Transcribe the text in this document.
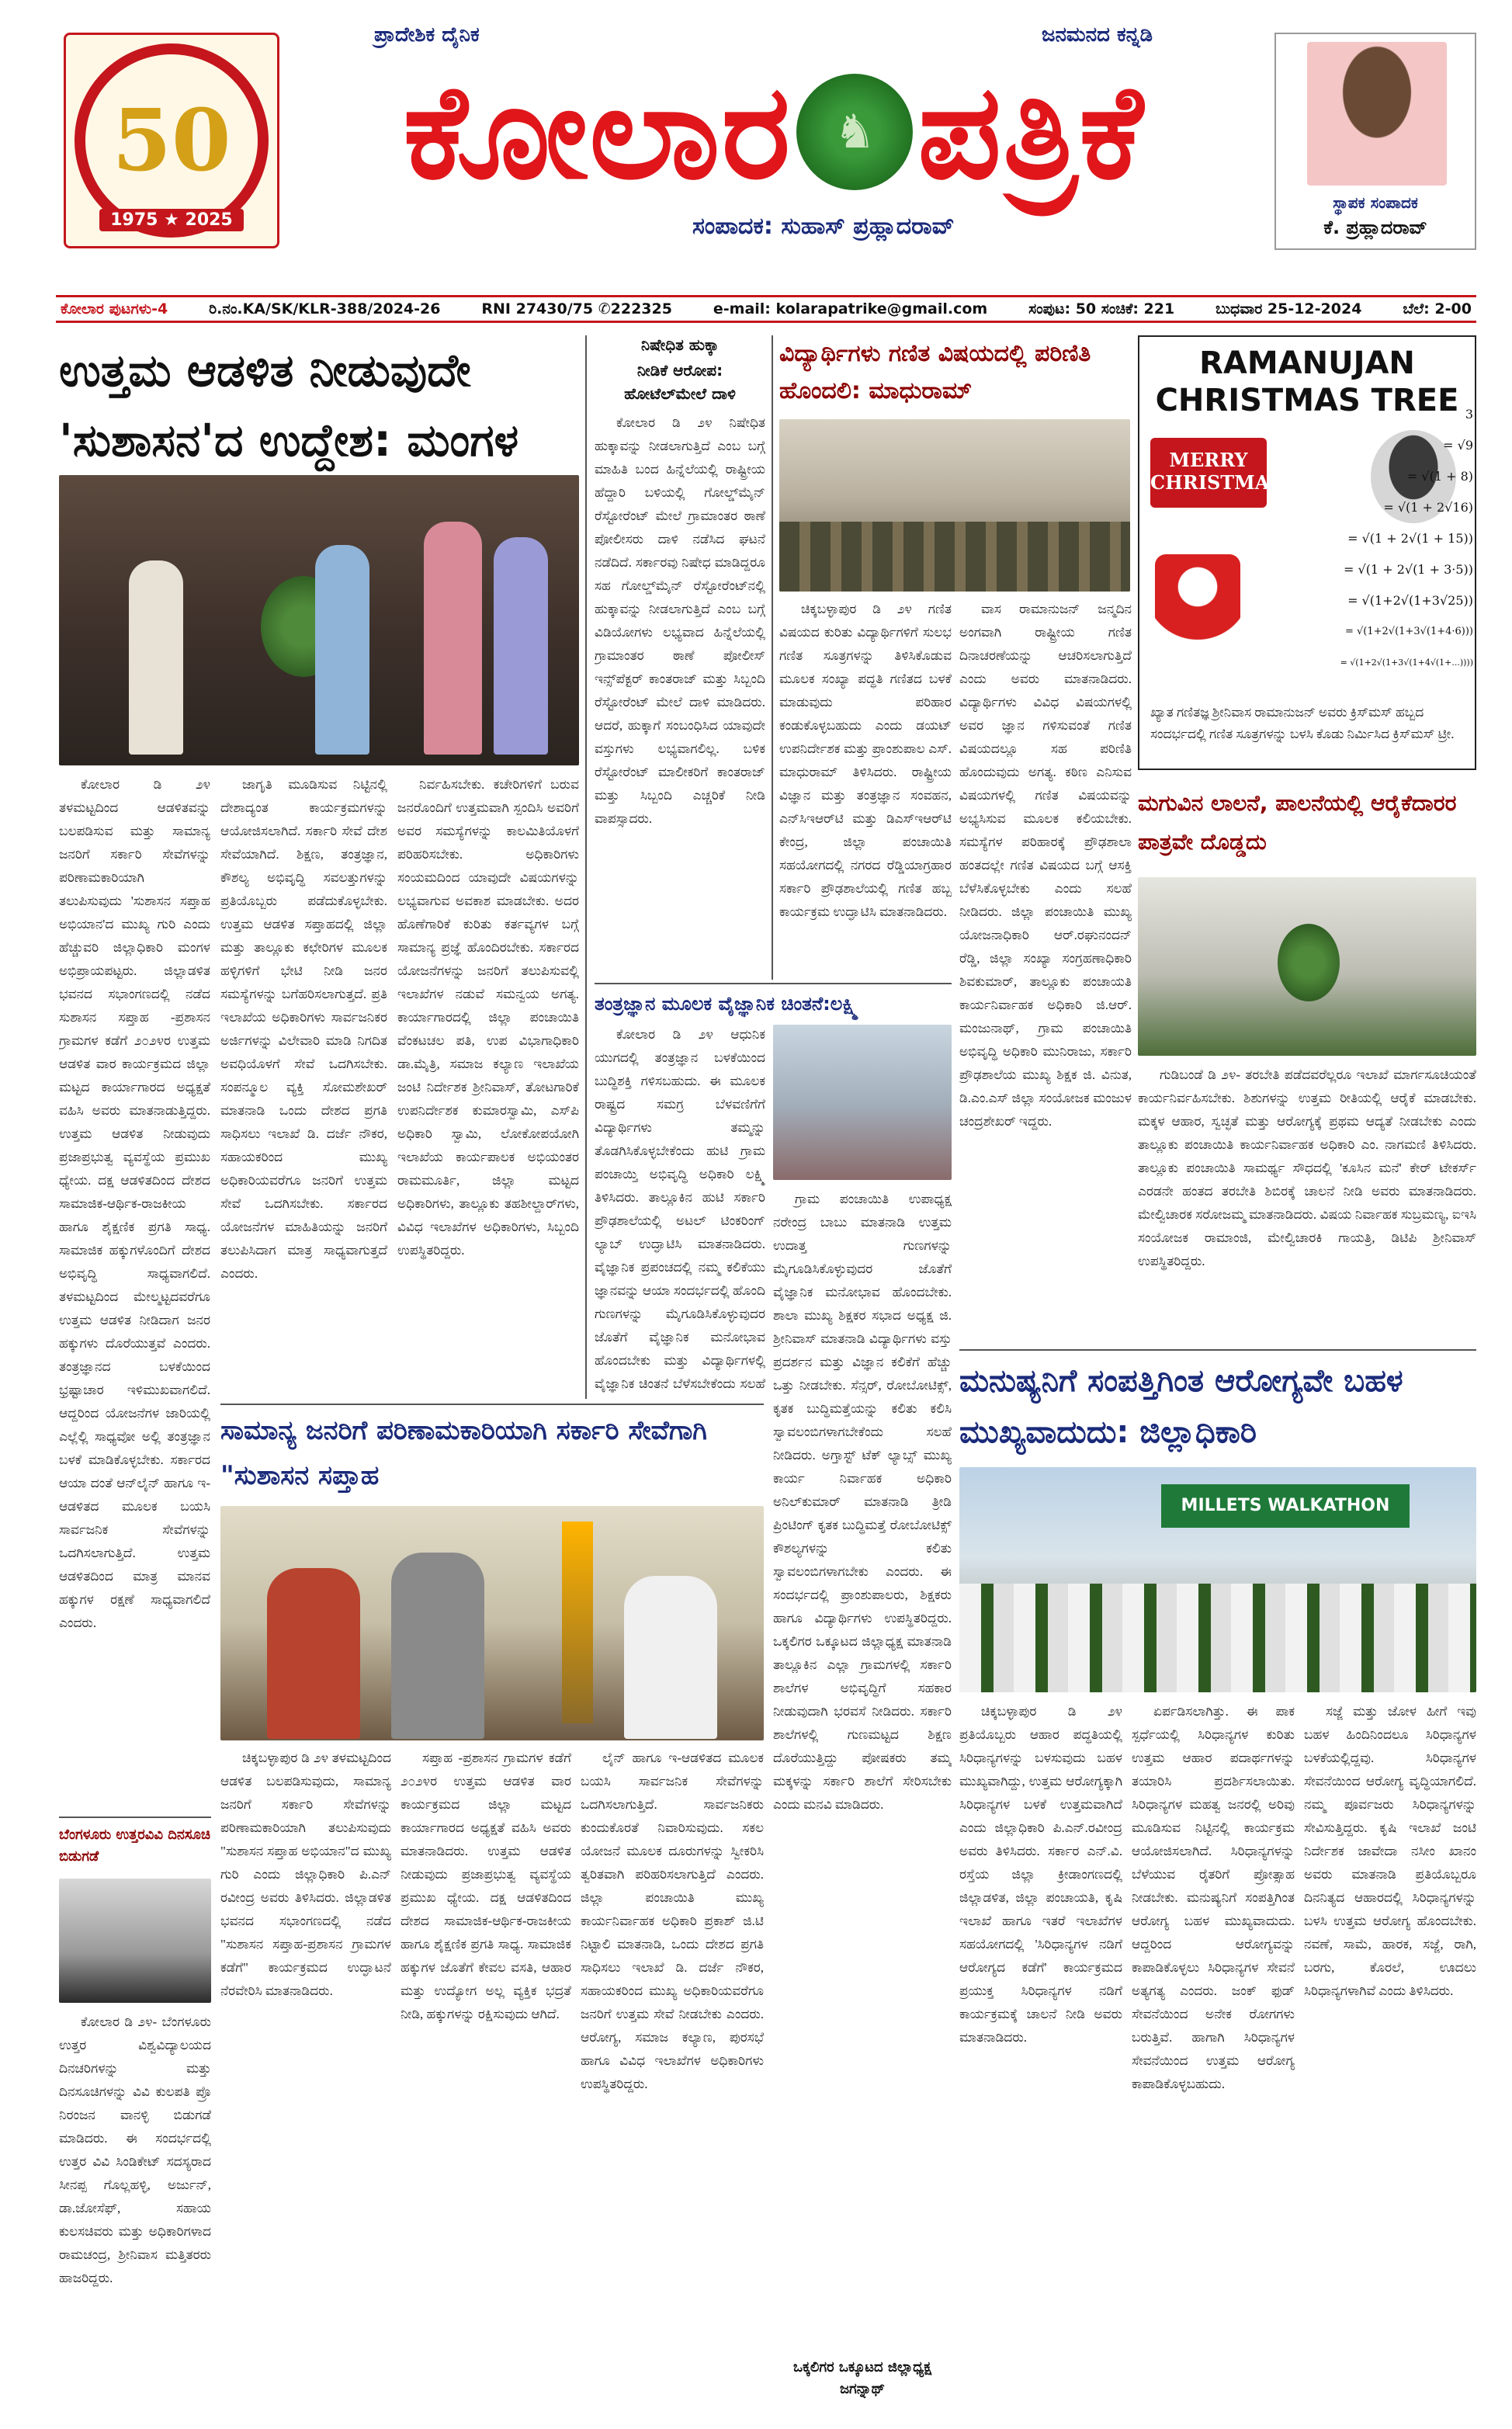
50
1975 ★ 2025
ಪ್ರಾದೇಶಿಕ ದೈನಿಕ	ಜನಮನದ ಕನ್ನಡಿ
ಕೋಲಾರ ♞ ಪತ್ರಿಕೆ
ಸಂಪಾದಕ: ಸುಹಾಸ್ ಪ್ರಹ್ಲಾದರಾವ್
ಸ್ಥಾಪಕ ಸಂಪಾದಕ
ಕೆ. ಪ್ರಹ್ಲಾದರಾವ್
ಕೋಲಾರ ಪುಟಗಳು-4	ರಿ.ನಂ.KA/SK/KLR-388/2024-26	RNI 27430/75 ✆222325	e-mail: kolarapatrike@gmail.com	ಸಂಪುಟ: 50 ಸಂಚಿಕೆ: 221	ಬುಧವಾರ 25-12-2024	ಬೆಲೆ: 2-00
ಉತ್ತಮ ಆಡಳಿತ ನೀಡುವುದೇ 'ಸುಶಾಸನ'ದ ಉದ್ದೇಶ: ಮಂಗಳ

ಕೋಲಾರ ಡಿ ೨೪ ತಳಮಟ್ಟದಿಂದ ಆಡಳಿತವನ್ನು ಬಲಪಡಿಸುವ ಮತ್ತು ಸಾಮಾನ್ಯ ಜನರಿಗೆ ಸರ್ಕಾರಿ ಸೇವೆಗಳನ್ನು ಪರಿಣಾಮಕಾರಿಯಾಗಿ ತಲುಪಿಸುವುದು 'ಸುಶಾಸನ ಸಪ್ತಾಹ ಅಭಿಯಾನ'ದ ಮುಖ್ಯ ಗುರಿ ಎಂದು ಹೆಚ್ಚುವರಿ ಜಿಲ್ಲಾಧಿಕಾರಿ ಮಂಗಳ ಅಭಿಪ್ರಾಯಪಟ್ಟರು. ಜಿಲ್ಲಾಡಳಿತ ಭವನದ ಸಭಾಂಗಣದಲ್ಲಿ ನಡೆದ ಸುಶಾಸನ ಸಪ್ತಾಹ -ಪ್ರಶಾಸನ ಗ್ರಾಮಗಳ ಕಡೆಗೆ ೨೦೨೪ರ ಉತ್ತಮ ಆಡಳಿತ ವಾರ ಕಾರ್ಯಕ್ರಮದ ಜಿಲ್ಲಾ ಮಟ್ಟದ ಕಾರ್ಯಾಗಾರದ ಅಧ್ಯಕ್ಷತೆ ವಹಿಸಿ ಅವರು ಮಾತನಾಡುತ್ತಿದ್ದರು. ಉತ್ತಮ ಆಡಳಿತ ನೀಡುವುದು ಪ್ರಜಾಪ್ರಭುತ್ವ ವ್ಯವಸ್ಥೆಯ ಪ್ರಮುಖ ಧ್ಯೇಯ. ದಕ್ಷ ಆಡಳಿತದಿಂದ ದೇಶದ ಸಾಮಾಜಿಕ-ಆರ್ಥಿಕ-ರಾಜಕೀಯ ಹಾಗೂ ಶೈಕ್ಷಣಿಕ ಪ್ರಗತಿ ಸಾಧ್ಯ. ಸಾಮಾಜಿಕ ಹಕ್ಕುಗಳೊಂದಿಗೆ ದೇಶದ ಅಭಿವೃದ್ಧಿ ಸಾಧ್ಯವಾಗಲಿದೆ. ತಳಮಟ್ಟದಿಂದ ಮೇಲ್ಮಟ್ಟದವರೆಗೂ ಉತ್ತಮ ಆಡಳಿತ ನೀಡಿದಾಗ ಜನರ ಹಕ್ಕುಗಳು ದೊರೆಯುತ್ತವೆ ಎಂದರು. ತಂತ್ರಜ್ಞಾನದ ಬಳಕೆಯಿಂದ ಭ್ರಷ್ಟಾಚಾರ ಇಳಿಮುಖವಾಗಲಿದೆ. ಆದ್ದರಿಂದ ಯೋಜನೆಗಳ ಜಾರಿಯಲ್ಲಿ ಎಲ್ಲೆಲ್ಲಿ ಸಾಧ್ಯವೋ ಅಲ್ಲಿ ತಂತ್ರಜ್ಞಾನ ಬಳಕೆ ಮಾಡಿಕೊಳ್ಳಬೇಕು. ಸರ್ಕಾರದ ಆಯಾ ದಂತೆ ಆನ್‌ಲೈನ್ ಹಾಗೂ ಇ-ಆಡಳಿತದ ಮೂಲಕ ಬಯಸಿ ಸಾರ್ವಜನಿಕ ಸೇವೆಗಳನ್ನು ಒದಗಿಸಲಾಗುತ್ತಿದೆ. ಉತ್ತಮ ಆಡಳಿತದಿಂದ ಮಾತ್ರ ಮಾನವ ಹಕ್ಕುಗಳ ರಕ್ಷಣೆ ಸಾಧ್ಯವಾಗಲಿದೆ ಎಂದರು.

ಜಾಗೃತಿ ಮೂಡಿಸುವ ನಿಟ್ಟಿನಲ್ಲಿ ದೇಶಾದ್ಯಂತ ಕಾರ್ಯಕ್ರಮಗಳನ್ನು ಆಯೋಜಿಸಲಾಗಿದೆ. ಸರ್ಕಾರಿ ಸೇವೆ ದೇಶ ಸೇವೆಯಾಗಿದೆ. ಶಿಕ್ಷಣ, ತಂತ್ರಜ್ಞಾನ, ಕೌಶಲ್ಯ ಅಭಿವೃದ್ಧಿ ಸವಲತ್ತುಗಳನ್ನು ಪ್ರತಿಯೊಬ್ಬರು ಪಡೆದುಕೊಳ್ಳಬೇಕು. ಉತ್ತಮ ಆಡಳಿತ ಸಪ್ತಾಹದಲ್ಲಿ ಜಿಲ್ಲಾ ಮತ್ತು ತಾಲ್ಲೂಕು ಕಛೇರಿಗಳ ಮೂಲಕ ಹಳ್ಳಿಗಳಿಗೆ ಭೇಟಿ ನೀಡಿ ಜನರ ಸಮಸ್ಯೆಗಳನ್ನು ಬಗೆಹರಿಸಲಾಗುತ್ತದೆ. ಪ್ರತಿ ಇಲಾಖೆಯ ಅಧಿಕಾರಿಗಳು ಸಾರ್ವಜನಿಕರ ಅರ್ಜಿಗಳನ್ನು ವಿಲೇವಾರಿ ಮಾಡಿ ನಿಗದಿತ ಅವಧಿಯೊಳಗೆ ಸೇವೆ ಒದಗಿಸಬೇಕು. ಸಂಪನ್ಮೂಲ ವ್ಯಕ್ತಿ ಸೋಮಶೇಖರ್ ಮಾತನಾಡಿ ಒಂದು ದೇಶದ ಪ್ರಗತಿ ಸಾಧಿಸಲು ಇಲಾಖೆ ಡಿ. ದರ್ಜೆ ನೌಕರ, ಸಹಾಯಕರಿಂದ ಮುಖ್ಯ ಅಧಿಕಾರಿಯವರೆಗೂ ಜನರಿಗೆ ಉತ್ತಮ ಸೇವೆ ಒದಗಿಸಬೇಕು. ಸರ್ಕಾರದ ಯೋಜನೆಗಳ ಮಾಹಿತಿಯನ್ನು ಜನರಿಗೆ ತಲುಪಿಸಿದಾಗ ಮಾತ್ರ ಸಾಧ್ಯವಾಗುತ್ತದೆ ಎಂದರು.

ನಿರ್ವಹಿಸಬೇಕು. ಕಚೇರಿಗಳಿಗೆ ಬರುವ ಜನರೊಂದಿಗೆ ಉತ್ತಮವಾಗಿ ಸ್ಪಂದಿಸಿ ಅವರಿಗೆ ಅವರ ಸಮಸ್ಯೆಗಳನ್ನು ಕಾಲಮಿತಿಯೊಳಗೆ ಪರಿಹರಿಸಬೇಕು. ಅಧಿಕಾರಿಗಳು ಸಂಯಮದಿಂದ ಯಾವುದೇ ವಿಷಯಗಳನ್ನು ಲಭ್ಯವಾಗುವ ಅವಕಾಶ ಮಾಡಬೇಕು. ಅದರ ಹೊಣೆಗಾರಿಕೆ ಕುರಿತು ಕರ್ತವ್ಯಗಳ ಬಗ್ಗೆ ಸಾಮಾನ್ಯ ಪ್ರಜ್ಞೆ ಹೊಂದಿರಬೇಕು. ಸರ್ಕಾರದ ಯೋಜನೆಗಳನ್ನು ಜನರಿಗೆ ತಲುಪಿಸುವಲ್ಲಿ ಇಲಾಖೆಗಳ ನಡುವೆ ಸಮನ್ವಯ ಅಗತ್ಯ. ಕಾರ್ಯಾಗಾರದಲ್ಲಿ ಜಿಲ್ಲಾ ಪಂಚಾಯಿತಿ ವೆಂಕಟಚಲ ಪತಿ, ಉಪ ವಿಭಾಗಾಧಿಕಾರಿ ಡಾ.ಮೈತ್ರಿ, ಸಮಾಜ ಕಲ್ಯಾಣ ಇಲಾಖೆಯ ಜಂಟಿ ನಿರ್ದೇಶಕ ಶ್ರೀನಿವಾಸ್, ತೋಟಗಾರಿಕೆ ಉಪನಿರ್ದೇಶಕ ಕುಮಾರಸ್ವಾಮಿ, ಎಸ್‌ಪಿ ಅಧಿಕಾರಿ ಸ್ವಾಮಿ, ಲೋಕೋಪಯೋಗಿ ಇಲಾಖೆಯ ಕಾರ್ಯಪಾಲಕ ಅಭಿಯಂತರ ರಾಮಮೂರ್ತಿ, ಜಿಲ್ಲಾ ಮಟ್ಟದ ಅಧಿಕಾರಿಗಳು, ತಾಲ್ಲೂಕು ತಹಶೀಲ್ದಾರ್‌ಗಳು, ವಿವಿಧ ಇಲಾಖೆಗಳ ಅಧಿಕಾರಿಗಳು, ಸಿಬ್ಬಂದಿ ಉಪಸ್ಥಿತರಿದ್ದರು.

ನಿಷೇಧಿತ ಹುಕ್ಕಾ
ನೀಡಿಕೆ ಆರೋಪ: ಹೋಟೆಲ್‌ಮೇಲೆ ದಾಳಿ

ಕೋಲಾರ ಡಿ ೨೪ ನಿಷೇಧಿತ ಹುಕ್ಕಾವನ್ನು ನೀಡಲಾಗುತ್ತಿದೆ ಎಂಬ ಬಗ್ಗೆ ಮಾಹಿತಿ ಬಂದ ಹಿನ್ನೆಲೆಯಲ್ಲಿ ರಾಷ್ಟ್ರೀಯ ಹೆದ್ದಾರಿ ಬಳಿಯಲ್ಲಿ ಗೋಲ್ಡ್‌ಮೈನ್ ರೆಸ್ಟೋರೆಂಟ್ ಮೇಲೆ ಗ್ರಾಮಾಂತರ ಠಾಣೆ ಪೋಲೀಸರು ದಾಳಿ ನಡೆಸಿದ ಘಟನೆ ನಡೆದಿದೆ. ಸರ್ಕಾರವು ನಿಷೇಧ ಮಾಡಿದ್ದರೂ ಸಹ ಗೋಲ್ಡ್‌ಮೈನ್ ರೆಸ್ಟೋರೆಂಟ್‌ನಲ್ಲಿ ಹುಕ್ಕಾವನ್ನು ನೀಡಲಾಗುತ್ತಿದೆ ಎಂಬ ಬಗ್ಗೆ ವಿಡಿಯೋಗಳು ಲಭ್ಯವಾದ ಹಿನ್ನೆಲೆಯಲ್ಲಿ ಗ್ರಾಮಾಂತರ ಠಾಣೆ ಪೋಲೀಸ್ ಇನ್ಸ್‌ಪೆಕ್ಟರ್ ಕಾಂತರಾಜ್ ಮತ್ತು ಸಿಬ್ಬಂದಿ ರೆಸ್ಟೋರೆಂಟ್ ಮೇಲೆ ದಾಳಿ ಮಾಡಿದರು. ಆದರೆ, ಹುಕ್ಕಾಗೆ ಸಂಬಂಧಿಸಿದ ಯಾವುದೇ ವಸ್ತುಗಳು ಲಭ್ಯವಾಗಲಿಲ್ಲ. ಬಳಿಕ ರೆಸ್ಟೋರೆಂಟ್ ಮಾಲೀಕರಿಗೆ ಕಾಂತರಾಜ್ ಮತ್ತು ಸಿಬ್ಬಂದಿ ಎಚ್ಚರಿಕೆ ನೀಡಿ ವಾಪಸ್ಸಾದರು.

ವಿದ್ಯಾರ್ಥಿಗಳು ಗಣಿತ ವಿಷಯದಲ್ಲಿ ಪರಿಣಿತಿ ಹೊಂದಲಿ: ಮಾಧುರಾಮ್

ಚಿಕ್ಕಬಳ್ಳಾಪುರ ಡಿ ೨೪ ಗಣಿತ ವಿಷಯದ ಕುರಿತು ವಿದ್ಯಾರ್ಥಿಗಳಿಗೆ ಸುಲಭ ಗಣಿತ ಸೂತ್ರಗಳನ್ನು ತಿಳಿಸಿಕೊಡುವ ಮೂಲಕ ಸಂಖ್ಯಾ ಪದ್ಧತಿ ಗಣಿತದ ಬಳಕೆ ಮಾಡುವುದು ಪರಿಹಾರ ಕಂಡುಕೊಳ್ಳಬಹುದು ಎಂದು ಡಯಟ್ ಉಪನಿರ್ದೇಶಕ ಮತ್ತು ಪ್ರಾಂಶುಪಾಲ ಎಸ್. ಮಾಧುರಾಮ್ ತಿಳಿಸಿದರು. ರಾಷ್ಟ್ರೀಯ ವಿಜ್ಞಾನ ಮತ್ತು ತಂತ್ರಜ್ಞಾನ ಸಂವಹನ, ಎನ್‌ಸಿಇಆರ್‌ಟಿ ಮತ್ತು ಡಿಎಸ್‌ಇಆರ್‌ಟಿ ಕೇಂದ್ರ, ಜಿಲ್ಲಾ ಪಂಚಾಯಿತಿ ಸಹಯೋಗದಲ್ಲಿ ನಗರದ ರೆಡ್ಡಿಯಾಗ್ರಹಾರ ಸರ್ಕಾರಿ ಪ್ರೌಢಶಾಲೆಯಲ್ಲಿ ಗಣಿತ ಹಬ್ಬ ಕಾರ್ಯಕ್ರಮ ಉದ್ಘಾಟಿಸಿ ಮಾತನಾಡಿದರು.

ವಾಸ ರಾಮಾನುಜನ್ ಜನ್ಮದಿನ ಅಂಗವಾಗಿ ರಾಷ್ಟ್ರೀಯ ಗಣಿತ ದಿನಾಚರಣೆಯನ್ನು ಆಚರಿಸಲಾಗುತ್ತಿದೆ ಎಂದು ಅವರು ಮಾತನಾಡಿದರು. ವಿದ್ಯಾರ್ಥಿಗಳು ವಿವಿಧ ವಿಷಯಗಳಲ್ಲಿ ಅವರ ಜ್ಞಾನ ಗಳಿಸುವಂತೆ ಗಣಿತ ವಿಷಯದಲ್ಲೂ ಸಹ ಪರಿಣಿತಿ ಹೊಂದುವುದು ಅಗತ್ಯ. ಕಠಿಣ ಎನಿಸುವ ವಿಷಯಗಳಲ್ಲಿ ಗಣಿತ ವಿಷಯವನ್ನು ಅಭ್ಯಸಿಸುವ ಮೂಲಕ ಕಲಿಯಬೇಕು. ಸಮಸ್ಯೆಗಳ ಪರಿಹಾರಕ್ಕೆ ಪ್ರೌಢಶಾಲಾ ಹಂತದಲ್ಲೇ ಗಣಿತ ವಿಷಯದ ಬಗ್ಗೆ ಆಸಕ್ತಿ ಬೆಳೆಸಿಕೊಳ್ಳಬೇಕು ಎಂದು ಸಲಹೆ ನೀಡಿದರು. ಜಿಲ್ಲಾ ಪಂಚಾಯಿತಿ ಮುಖ್ಯ ಯೋಜನಾಧಿಕಾರಿ ಆರ್.ರಘುನಂದನ್ ರೆಡ್ಡಿ, ಜಿಲ್ಲಾ ಸಂಖ್ಯಾ ಸಂಗ್ರಹಣಾಧಿಕಾರಿ ಶಿವಕುಮಾರ್, ತಾಲ್ಲೂಕು ಪಂಚಾಯತಿ ಕಾರ್ಯನಿರ್ವಾಹಕ ಅಧಿಕಾರಿ ಜಿ.ಆರ್. ಮಂಜುನಾಥ್, ಗ್ರಾಮ ಪಂಚಾಯಿತಿ ಅಭಿವೃದ್ಧಿ ಅಧಿಕಾರಿ ಮುನಿರಾಜು, ಸರ್ಕಾರಿ ಪ್ರೌಢಶಾಲೆಯ ಮುಖ್ಯ ಶಿಕ್ಷಕ ಜಿ. ವಿನುತ, ಡಿ.ಎಂ.ಎಸ್ ಜಿಲ್ಲಾ ಸಂಯೋಜಕ ಮಂಜುಳ ಚಂದ್ರಶೇಖರ್ ಇದ್ದರು.

ತಂತ್ರಜ್ಞಾನ ಮೂಲಕ ವೈಜ್ಞಾನಿಕ ಚಿಂತನೆ:ಲಕ್ಷ್ಮಿ

ಕೋಲಾರ ಡಿ ೨೪ ಆಧುನಿಕ ಯುಗದಲ್ಲಿ ತಂತ್ರಜ್ಞಾನ ಬಳಕೆಯಿಂದ ಬುದ್ಧಿಶಕ್ತಿ ಗಳಿಸಬಹುದು. ಈ ಮೂಲಕ ರಾಷ್ಟ್ರದ ಸಮಗ್ರ ಬೆಳವಣಿಗೆಗೆ ವಿದ್ಯಾರ್ಥಿಗಳು ತಮ್ಮನ್ನು ತೊಡಗಿಸಿಕೊಳ್ಳಬೇಕೆಂದು ಹುಟಿ ಗ್ರಾಮ ಪಂಚಾಯ್ತಿ ಅಭಿವೃದ್ಧಿ ಅಧಿಕಾರಿ ಲಕ್ಷ್ಮಿ ತಿಳಿಸಿದರು. ತಾಲ್ಲೂಕಿನ ಹುಟಿ ಸರ್ಕಾರಿ ಪ್ರೌಢಶಾಲೆಯಲ್ಲಿ ಅಟಲ್ ಟಿಂಕರಿಂಗ್ ಲ್ಯಾಬ್ ಉದ್ಘಾಟಿಸಿ ಮಾತನಾಡಿದರು. ವೈಜ್ಞಾನಿಕ ಪ್ರಪಂಚದಲ್ಲಿ ನಮ್ಮ ಕಲಿಕೆಯು ಜ್ಞಾನವನ್ನು ಆಯಾ ಸಂದರ್ಭದಲ್ಲಿ ಹೊಂದಿ ಗುಣಗಳನ್ನು ಮೈಗೂಡಿಸಿಕೊಳ್ಳುವುದರ ಜೊತೆಗೆ ವೈಜ್ಞಾನಿಕ ಮನೋಭಾವ ಹೊಂದಬೇಕು ಮತ್ತು ವಿದ್ಯಾರ್ಥಿಗಳಲ್ಲಿ ವೈಜ್ಞಾನಿಕ ಚಿಂತನೆ ಬೆಳೆಸಬೇಕೆಂದು ಸಲಹೆ

ಗ್ರಾಮ ಪಂಚಾಯಿತಿ ಉಪಾಧ್ಯಕ್ಷ ನರೇಂದ್ರ ಬಾಬು ಮಾತನಾಡಿ ಉತ್ತಮ ಉದಾತ್ತ ಗುಣಗಳನ್ನು ಮೈಗೂಡಿಸಿಕೊಳ್ಳುವುದರ ಜೊತೆಗೆ ವೈಜ್ಞಾನಿಕ ಮನೋಭಾವ ಹೊಂದಬೇಕು. ಶಾಲಾ ಮುಖ್ಯ ಶಿಕ್ಷಕರ ಸಭಾದ ಅಧ್ಯಕ್ಷ ಜಿ. ಶ್ರೀನಿವಾಸ್ ಮಾತನಾಡಿ ವಿದ್ಯಾರ್ಥಿಗಳು ವಸ್ತು ಪ್ರದರ್ಶನ ಮತ್ತು ವಿಜ್ಞಾನ ಕಲಿಕೆಗೆ ಹೆಚ್ಚು ಒತ್ತು ನೀಡಬೇಕು. ಸೆನ್ಸರ್, ರೋಬೋಟಿಕ್ಸ್, ಕೃತಕ ಬುದ್ಧಿಮತ್ತೆಯನ್ನು ಕಲಿತು ಕಲಿಸಿ ಸ್ವಾವಲಂಬಿಗಳಾಗಬೇಕೆಂದು ಸಲಹೆ ನೀಡಿದರು. ಅಗ್ತಾಸ್ಟ್ ಟೆಕ್ ಲ್ಯಾಬ್ಸ್ ಮುಖ್ಯ ಕಾರ್ಯ ನಿರ್ವಾಹಕ ಅಧಿಕಾರಿ ಅನಿಲ್‌ಕುಮಾರ್ ಮಾತನಾಡಿ ತ್ರೀಡಿ ಪ್ರಿಂಟಿಂಗ್ ಕೃತಕ ಬುದ್ಧಿಮತ್ತೆ ರೋಬೋಟಿಕ್ಸ್ ಕೌಶಲ್ಯಗಳನ್ನು ಕಲಿತು ಸ್ವಾವಲಂಬಿಗಳಾಗಬೇಕು ಎಂದರು. ಈ ಸಂದರ್ಭದಲ್ಲಿ ಪ್ರಾಂಶುಪಾಲರು, ಶಿಕ್ಷಕರು ಹಾಗೂ ವಿದ್ಯಾರ್ಥಿಗಳು ಉಪಸ್ಥಿತರಿದ್ದರು. ಒಕ್ಕಲಿಗರ ಒಕ್ಕೂಟದ ಜಿಲ್ಲಾಧ್ಯಕ್ಷ ಮಾತನಾಡಿ ತಾಲ್ಲೂಕಿನ ಎಲ್ಲಾ ಗ್ರಾಮಗಳಲ್ಲಿ ಸರ್ಕಾರಿ ಶಾಲೆಗಳ ಅಭಿವೃದ್ಧಿಗೆ ಸಹಕಾರ ನೀಡುವುದಾಗಿ ಭರವಸೆ ನೀಡಿದರು. ಸರ್ಕಾರಿ ಶಾಲೆಗಳಲ್ಲಿ ಗುಣಮಟ್ಟದ ಶಿಕ್ಷಣ ದೊರೆಯುತ್ತಿದ್ದು ಪೋಷಕರು ತಮ್ಮ ಮಕ್ಕಳನ್ನು ಸರ್ಕಾರಿ ಶಾಲೆಗೆ ಸೇರಿಸಬೇಕು ಎಂದು ಮನವಿ ಮಾಡಿದರು.

ಒಕ್ಕಲಿಗರ ಒಕ್ಕೂಟದ ಜಿಲ್ಲಾಧ್ಯಕ್ಷ ಜಗನ್ನಾಥ್
RAMANUJAN CHRISTMAS TREE
MERRY CHRISTMAS
3
= √9
= √(1 + 8)
= √(1 + 2√16)
= √(1 + 2√(1 + 15))
= √(1 + 2√(1 + 3·5))
= √(1+2√(1+3√25))
= √(1+2√(1+3√(1+4·6)))
= √(1+2√(1+3√(1+4√(1+...))))
ಖ್ಯಾತ ಗಣಿತಜ್ಞ ಶ್ರೀನಿವಾಸ ರಾಮಾನುಜನ್ ಅವರು ಕ್ರಿಸ್‌ಮಸ್ ಹಬ್ಬದ ಸಂದರ್ಭದಲ್ಲಿ ಗಣಿತ ಸೂತ್ರಗಳನ್ನು ಬಳಸಿ ಕೊಡು ನಿರ್ಮಿಸಿದ ಕ್ರಿಸ್‌ಮಸ್ ಟ್ರೀ.
ಮಗುವಿನ ಲಾಲನೆ, ಪಾಲನೆಯಲ್ಲಿ ಆರೈಕೆದಾರರ ಪಾತ್ರವೇ ದೊಡ್ಡದು

ಗುಡಿಬಂಡೆ ಡಿ ೨೪- ತರಬೇತಿ ಪಡೆದವರೆಲ್ಲರೂ ಇಲಾಖೆ ಮಾರ್ಗಸೂಚಿಯಂತೆ ಕಾರ್ಯನಿರ್ವಹಿಸಬೇಕು. ಶಿಶುಗಳನ್ನು ಉತ್ತಮ ರೀತಿಯಲ್ಲಿ ಆರೈಕೆ ಮಾಡಬೇಕು. ಮಕ್ಕಳ ಆಹಾರ, ಸ್ವಚ್ಛತೆ ಮತ್ತು ಆರೋಗ್ಯಕ್ಕೆ ಪ್ರಥಮ ಆದ್ಯತೆ ನೀಡಬೇಕು ಎಂದು ತಾಲ್ಲೂಕು ಪಂಚಾಯಿತಿ ಕಾರ್ಯನಿರ್ವಾಹಕ ಅಧಿಕಾರಿ ಎಂ. ನಾಗಮಣಿ ತಿಳಿಸಿದರು. ತಾಲ್ಲೂಕು ಪಂಚಾಯಿತಿ ಸಾಮರ್ಥ್ಯ ಸೌಧದಲ್ಲಿ 'ಕೂಸಿನ ಮನೆ' ಕೇರ್ ಟೇಕರ್ಸ್ ಎರಡನೇ ಹಂತದ ತರಬೇತಿ ಶಿಬಿರಕ್ಕೆ ಚಾಲನೆ ನೀಡಿ ಅವರು ಮಾತನಾಡಿದರು. ಮೇಲ್ವಿಚಾರಕ ಸರೋಜಮ್ಮ ಮಾತನಾಡಿದರು. ವಿಷಯ ನಿರ್ವಾಹಕ ಸುಬ್ರಮಣ್ಯ, ಐಇಸಿ ಸಂಯೋಜಕ ರಾಮಾಂಜಿ, ಮೇಲ್ವಿಚಾರಕಿ ಗಾಯತ್ರಿ, ಡಿಟಿಪಿ ಶ್ರೀನಿವಾಸ್ ಉಪಸ್ಥಿತರಿದ್ದರು.

ಮನುಷ್ಯನಿಗೆ ಸಂಪತ್ತಿಗಿಂತ ಆರೋಗ್ಯವೇ ಬಹಳ ಮುಖ್ಯವಾದುದು: ಜಿಲ್ಲಾಧಿಕಾರಿ
MILLETS WALKATHON

ಚಿಕ್ಕಬಳ್ಳಾಪುರ ಡಿ ೨೪ ಪ್ರತಿಯೊಬ್ಬರು ಆಹಾರ ಪದ್ಧತಿಯಲ್ಲಿ ಸಿರಿಧಾನ್ಯಗಳನ್ನು ಬಳಸುವುದು ಬಹಳ ಮುಖ್ಯವಾಗಿದ್ದು, ಉತ್ತಮ ಆರೋಗ್ಯಕ್ಕಾಗಿ ಸಿರಿಧಾನ್ಯಗಳ ಬಳಕೆ ಉತ್ತಮವಾಗಿದೆ ಎಂದು ಜಿಲ್ಲಾಧಿಕಾರಿ ಪಿ.ಎನ್.ರವೀಂದ್ರ ಅವರು ತಿಳಿಸಿದರು. ಸರ್ಕಾರ ಎನ್.ವಿ. ರಸ್ತೆಯ ಜಿಲ್ಲಾ ಕ್ರೀಡಾಂಗಣದಲ್ಲಿ ಜಿಲ್ಲಾಡಳಿತ, ಜಿಲ್ಲಾ ಪಂಚಾಯತಿ, ಕೃಷಿ ಇಲಾಖೆ ಹಾಗೂ ಇತರೆ ಇಲಾಖೆಗಳ ಸಹಯೋಗದಲ್ಲಿ 'ಸಿರಿಧಾನ್ಯಗಳ ನಡಿಗೆ ಆರೋಗ್ಯದ ಕಡೆಗೆ' ಕಾರ್ಯಕ್ರಮದ ಪ್ರಯುಕ್ತ ಸಿರಿಧಾನ್ಯಗಳ ನಡಿಗೆ ಕಾರ್ಯಕ್ರಮಕ್ಕೆ ಚಾಲನೆ ನೀಡಿ ಅವರು ಮಾತನಾಡಿದರು.

ಏರ್ಪಡಿಸಲಾಗಿತ್ತು. ಈ ಪಾಕ ಸ್ಪರ್ಧೆಯಲ್ಲಿ ಸಿರಿಧಾನ್ಯಗಳ ಕುರಿತು ಉತ್ತಮ ಆಹಾರ ಪದಾರ್ಥಗಳನ್ನು ತಯಾರಿಸಿ ಪ್ರದರ್ಶಿಸಲಾಯಿತು. ಸಿರಿಧಾನ್ಯಗಳ ಮಹತ್ವ ಜನರಲ್ಲಿ ಅರಿವು ಮೂಡಿಸುವ ನಿಟ್ಟಿನಲ್ಲಿ ಕಾರ್ಯಕ್ರಮ ಆಯೋಜಿಸಲಾಗಿದೆ. ಸಿರಿಧಾನ್ಯಗಳನ್ನು ಬೆಳೆಯುವ ರೈತರಿಗೆ ಪ್ರೋತ್ಸಾಹ ನೀಡಬೇಕು. ಮನುಷ್ಯನಿಗೆ ಸಂಪತ್ತಿಗಿಂತ ಆರೋಗ್ಯ ಬಹಳ ಮುಖ್ಯವಾದುದು. ಆದ್ದರಿಂದ ಆರೋಗ್ಯವನ್ನು ಕಾಪಾಡಿಕೊಳ್ಳಲು ಸಿರಿಧಾನ್ಯಗಳ ಸೇವನೆ ಅತ್ಯಗತ್ಯ ಎಂದರು. ಜಂಕ್ ಫುಡ್ ಸೇವನೆಯಿಂದ ಅನೇಕ ರೋಗಗಳು ಬರುತ್ತಿವೆ. ಹಾಗಾಗಿ ಸಿರಿಧಾನ್ಯಗಳ ಸೇವನೆಯಿಂದ ಉತ್ತಮ ಆರೋಗ್ಯ ಕಾಪಾಡಿಕೊಳ್ಳಬಹುದು.

ಸಜ್ಜೆ ಮತ್ತು ಜೋಳ ಹೀಗೆ ಇವು ಬಹಳ ಹಿಂದಿನಿಂದಲೂ ಸಿರಿಧಾನ್ಯಗಳ ಬಳಕೆಯಲ್ಲಿದ್ದವು. ಸಿರಿಧಾನ್ಯಗಳ ಸೇವನೆಯಿಂದ ಆರೋಗ್ಯ ವೃದ್ಧಿಯಾಗಲಿದೆ. ನಮ್ಮ ಪೂರ್ವಜರು ಸಿರಿಧಾನ್ಯಗಳನ್ನು ಸೇವಿಸುತ್ತಿದ್ದರು. ಕೃಷಿ ಇಲಾಖೆ ಜಂಟಿ ನಿರ್ದೇಶಕ ಜಾವೇದಾ ನಸೀಂ ಖಾನಂ ಅವರು ಮಾತನಾಡಿ ಪ್ರತಿಯೊಬ್ಬರೂ ದಿನನಿತ್ಯದ ಆಹಾರದಲ್ಲಿ ಸಿರಿಧಾನ್ಯಗಳನ್ನು ಬಳಸಿ ಉತ್ತಮ ಆರೋಗ್ಯ ಹೊಂದಬೇಕು. ನವಣೆ, ಸಾಮೆ, ಹಾರಕ, ಸಜ್ಜೆ, ರಾಗಿ, ಬರಗು, ಕೊರಲೆ, ಊದಲು ಸಿರಿಧಾನ್ಯಗಳಾಗಿವೆ ಎಂದು ತಿಳಿಸಿದರು.

ಸಾಮಾನ್ಯ ಜನರಿಗೆ ಪರಿಣಾಮಕಾರಿಯಾಗಿ ಸರ್ಕಾರಿ ಸೇವೆಗಾಗಿ "ಸುಶಾಸನ ಸಪ್ತಾಹ

ಚಿಕ್ಕಬಳ್ಳಾಪುರ ಡಿ ೨೪ ತಳಮಟ್ಟದಿಂದ ಆಡಳಿತ ಬಲಪಡಿಸುವುದು, ಸಾಮಾನ್ಯ ಜನರಿಗೆ ಸರ್ಕಾರಿ ಸೇವೆಗಳನ್ನು ಪರಿಣಾಮಕಾರಿಯಾಗಿ ತಲುಪಿಸುವುದು "ಸುಶಾಸನ ಸಪ್ತಾಹ ಅಭಿಯಾನ"ದ ಮುಖ್ಯ ಗುರಿ ಎಂದು ಜಿಲ್ಲಾಧಿಕಾರಿ ಪಿ.ಎನ್ ರವೀಂದ್ರ ಅವರು ತಿಳಿಸಿದರು. ಜಿಲ್ಲಾಡಳಿತ ಭವನದ ಸಭಾಂಗಣದಲ್ಲಿ ನಡೆದ "ಸುಶಾಸನ ಸಪ್ತಾಹ-ಪ್ರಶಾಸನ ಗ್ರಾಮಗಳ ಕಡೆಗೆ" ಕಾರ್ಯಕ್ರಮದ ಉದ್ಘಾಟನೆ ನೆರವೇರಿಸಿ ಮಾತನಾಡಿದರು.

ಸಪ್ತಾಹ -ಪ್ರಶಾಸನ ಗ್ರಾಮಗಳ ಕಡೆಗೆ ೨೦೨೪ರ ಉತ್ತಮ ಆಡಳಿತ ವಾರ ಕಾರ್ಯಕ್ರಮದ ಜಿಲ್ಲಾ ಮಟ್ಟದ ಕಾರ್ಯಾಗಾರದ ಅಧ್ಯಕ್ಷತೆ ವಹಿಸಿ ಅವರು ಮಾತನಾಡಿದರು. ಉತ್ತಮ ಆಡಳಿತ ನೀಡುವುದು ಪ್ರಜಾಪ್ರಭುತ್ವ ವ್ಯವಸ್ಥೆಯ ಪ್ರಮುಖ ಧ್ಯೇಯ. ದಕ್ಷ ಆಡಳಿತದಿಂದ ದೇಶದ ಸಾಮಾಜಿಕ-ಆರ್ಥಿಕ-ರಾಜಕೀಯ ಹಾಗೂ ಶೈಕ್ಷಣಿಕ ಪ್ರಗತಿ ಸಾಧ್ಯ. ಸಾಮಾಜಿಕ ಹಕ್ಕುಗಳ ಜೊತೆಗೆ ಕೇವಲ ವಸತಿ, ಆಹಾರ ಮತ್ತು ಉದ್ಯೋಗ ಅಲ್ಲ ವ್ಯಕ್ತಿಕ ಭದ್ರತೆ ನೀಡಿ, ಹಕ್ಕುಗಳನ್ನು ರಕ್ಷಿಸುವುದು ಆಗಿದೆ.

ಲೈನ್ ಹಾಗೂ ಇ-ಆಡಳಿತದ ಮೂಲಕ ಬಯಸಿ ಸಾರ್ವಜನಿಕ ಸೇವೆಗಳನ್ನು ಒದಗಿಸಲಾಗುತ್ತಿದೆ. ಸಾರ್ವಜನಿಕರು ಕುಂದುಕೊರತೆ ನಿವಾರಿಸುವುದು. ಸಕಲ ಯೋಜನೆ ಮೂಲಕ ದೂರುಗಳನ್ನು ಸ್ವೀಕರಿಸಿ ತ್ವರಿತವಾಗಿ ಪರಿಹರಿಸಲಾಗುತ್ತಿದೆ ಎಂದರು. ಜಿಲ್ಲಾ ಪಂಚಾಯಿತಿ ಮುಖ್ಯ ಕಾರ್ಯನಿರ್ವಾಹಕ ಅಧಿಕಾರಿ ಪ್ರಕಾಶ್ ಜಿ.ಟಿ ನಿಟ್ಟಾಲಿ ಮಾತನಾಡಿ, ಒಂದು ದೇಶದ ಪ್ರಗತಿ ಸಾಧಿಸಲು ಇಲಾಖೆ ಡಿ. ದರ್ಜೆ ನೌಕರ, ಸಹಾಯಕರಿಂದ ಮುಖ್ಯ ಅಧಿಕಾರಿಯವರೆಗೂ ಜನರಿಗೆ ಉತ್ತಮ ಸೇವೆ ನೀಡಬೇಕು ಎಂದರು. ಆರೋಗ್ಯ, ಸಮಾಜ ಕಲ್ಯಾಣ, ಪುರಸಭೆ ಹಾಗೂ ವಿವಿಧ ಇಲಾಖೆಗಳ ಅಧಿಕಾರಿಗಳು ಉಪಸ್ಥಿತರಿದ್ದರು.

ಬೆಂಗಳೂರು ಉತ್ತರವಿವಿ ದಿನಸೂಚಿ ಬಿಡುಗಡೆ

ಕೋಲಾರ ಡಿ ೨೪- ಬೆಂಗಳೂರು ಉತ್ತರ ವಿಶ್ವವಿದ್ಯಾಲಯದ ದಿನಚರಿಗಳನ್ನು ಮತ್ತು ದಿನಸೂಚಿಗಳನ್ನು ವಿವಿ ಕುಲಪತಿ ಪ್ರೊ ನಿರಂಜನ ವಾನಳ್ಳಿ ಬಿಡುಗಡೆ ಮಾಡಿದರು. ಈ ಸಂದರ್ಭದಲ್ಲಿ ಉತ್ತರ ವಿವಿ ಸಿಂಡಿಕೇಟ್ ಸದಸ್ಯರಾದ ಸೀನಪ್ಪ ಗೊಲ್ಲಹಳ್ಳಿ, ಅರ್ಜುನ್, ಡಾ.ಜೋಸೆಫ್, ಸಹಾಯ ಕುಲಸಚಿವರು ಮತ್ತು ಅಧಿಕಾರಿಗಳಾದ ರಾಮಚಂದ್ರ, ಶ್ರೀನಿವಾಸ ಮತ್ತಿತರರು ಹಾಜರಿದ್ದರು.
